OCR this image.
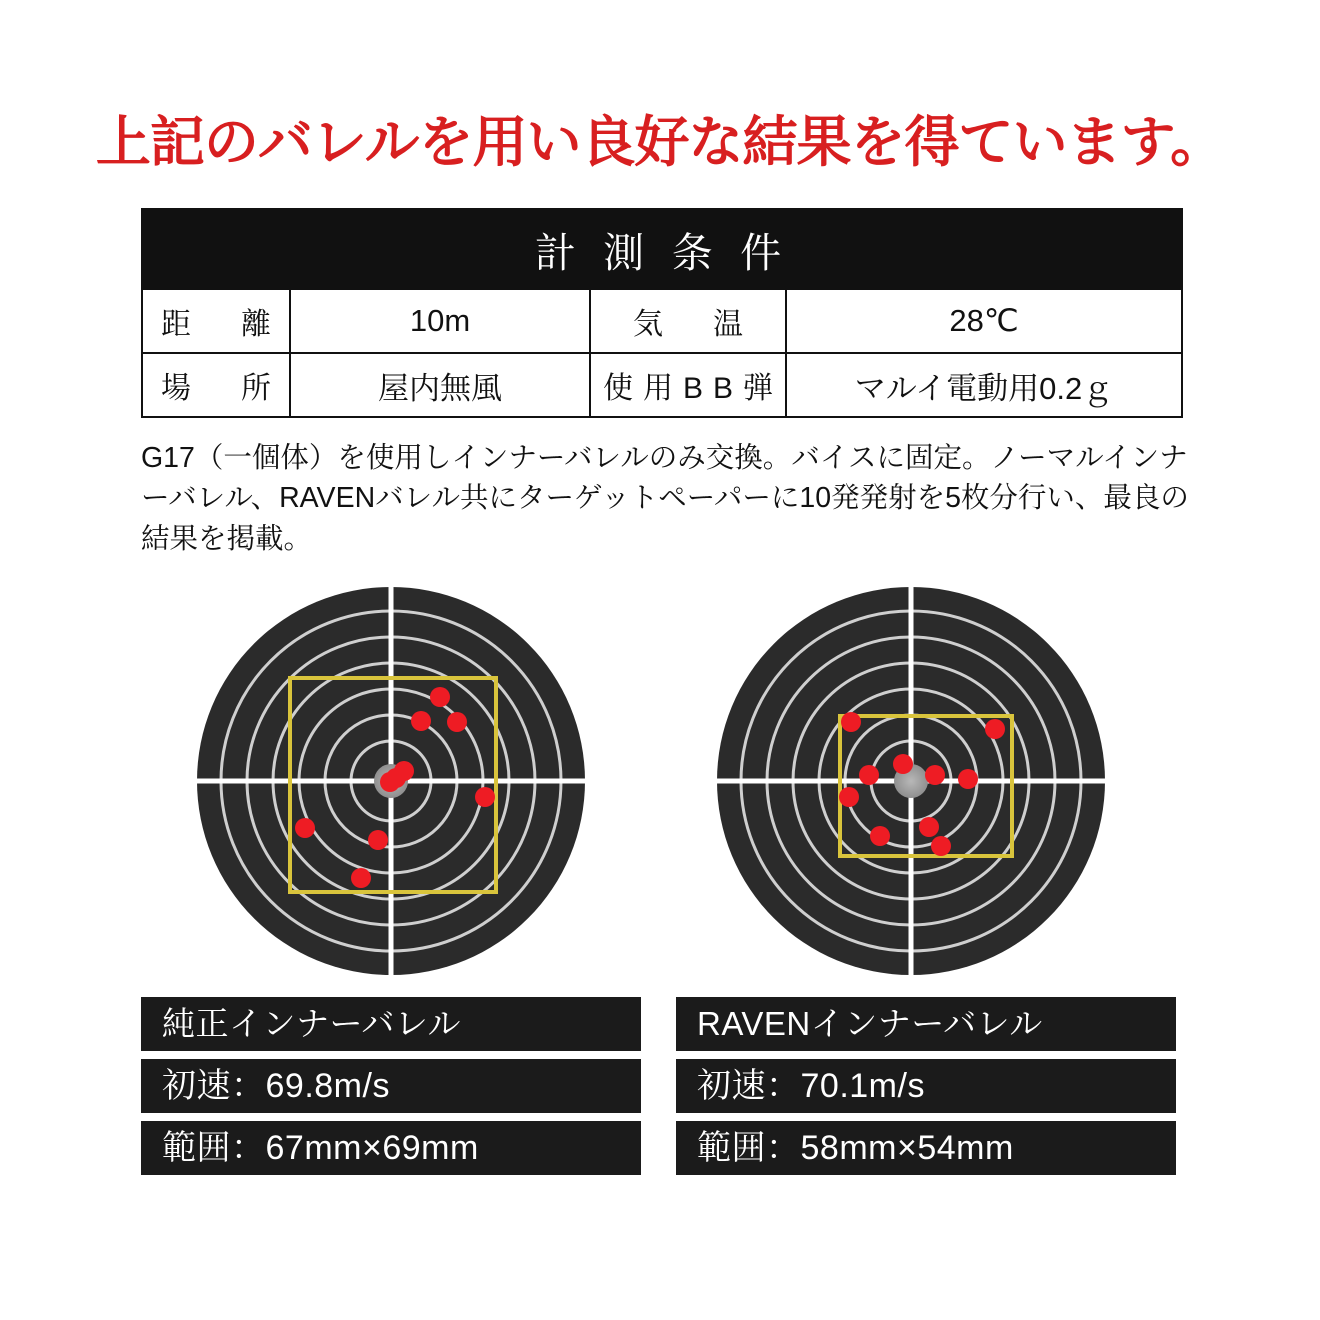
上記のバレルを用い良好な結果を得ています。
計 測 条 件			
距　離	10m	気　温	28℃
場　所	屋内無風	使用BB弾	マルイ電動用0.2ｇ
G17（一個体）を使用しインナーバレルのみ交換。バイスに固定。ノーマルインナーバレル、RAVENバレル共にターゲットペーパーに10発発射を5枚分行い、最良の結果を掲載。
純正インナーバレル
初速：69.8m/s
範囲：67mm×69mm
RAVENインナーバレル
初速：70.1m/s
範囲：58mm×54mm
